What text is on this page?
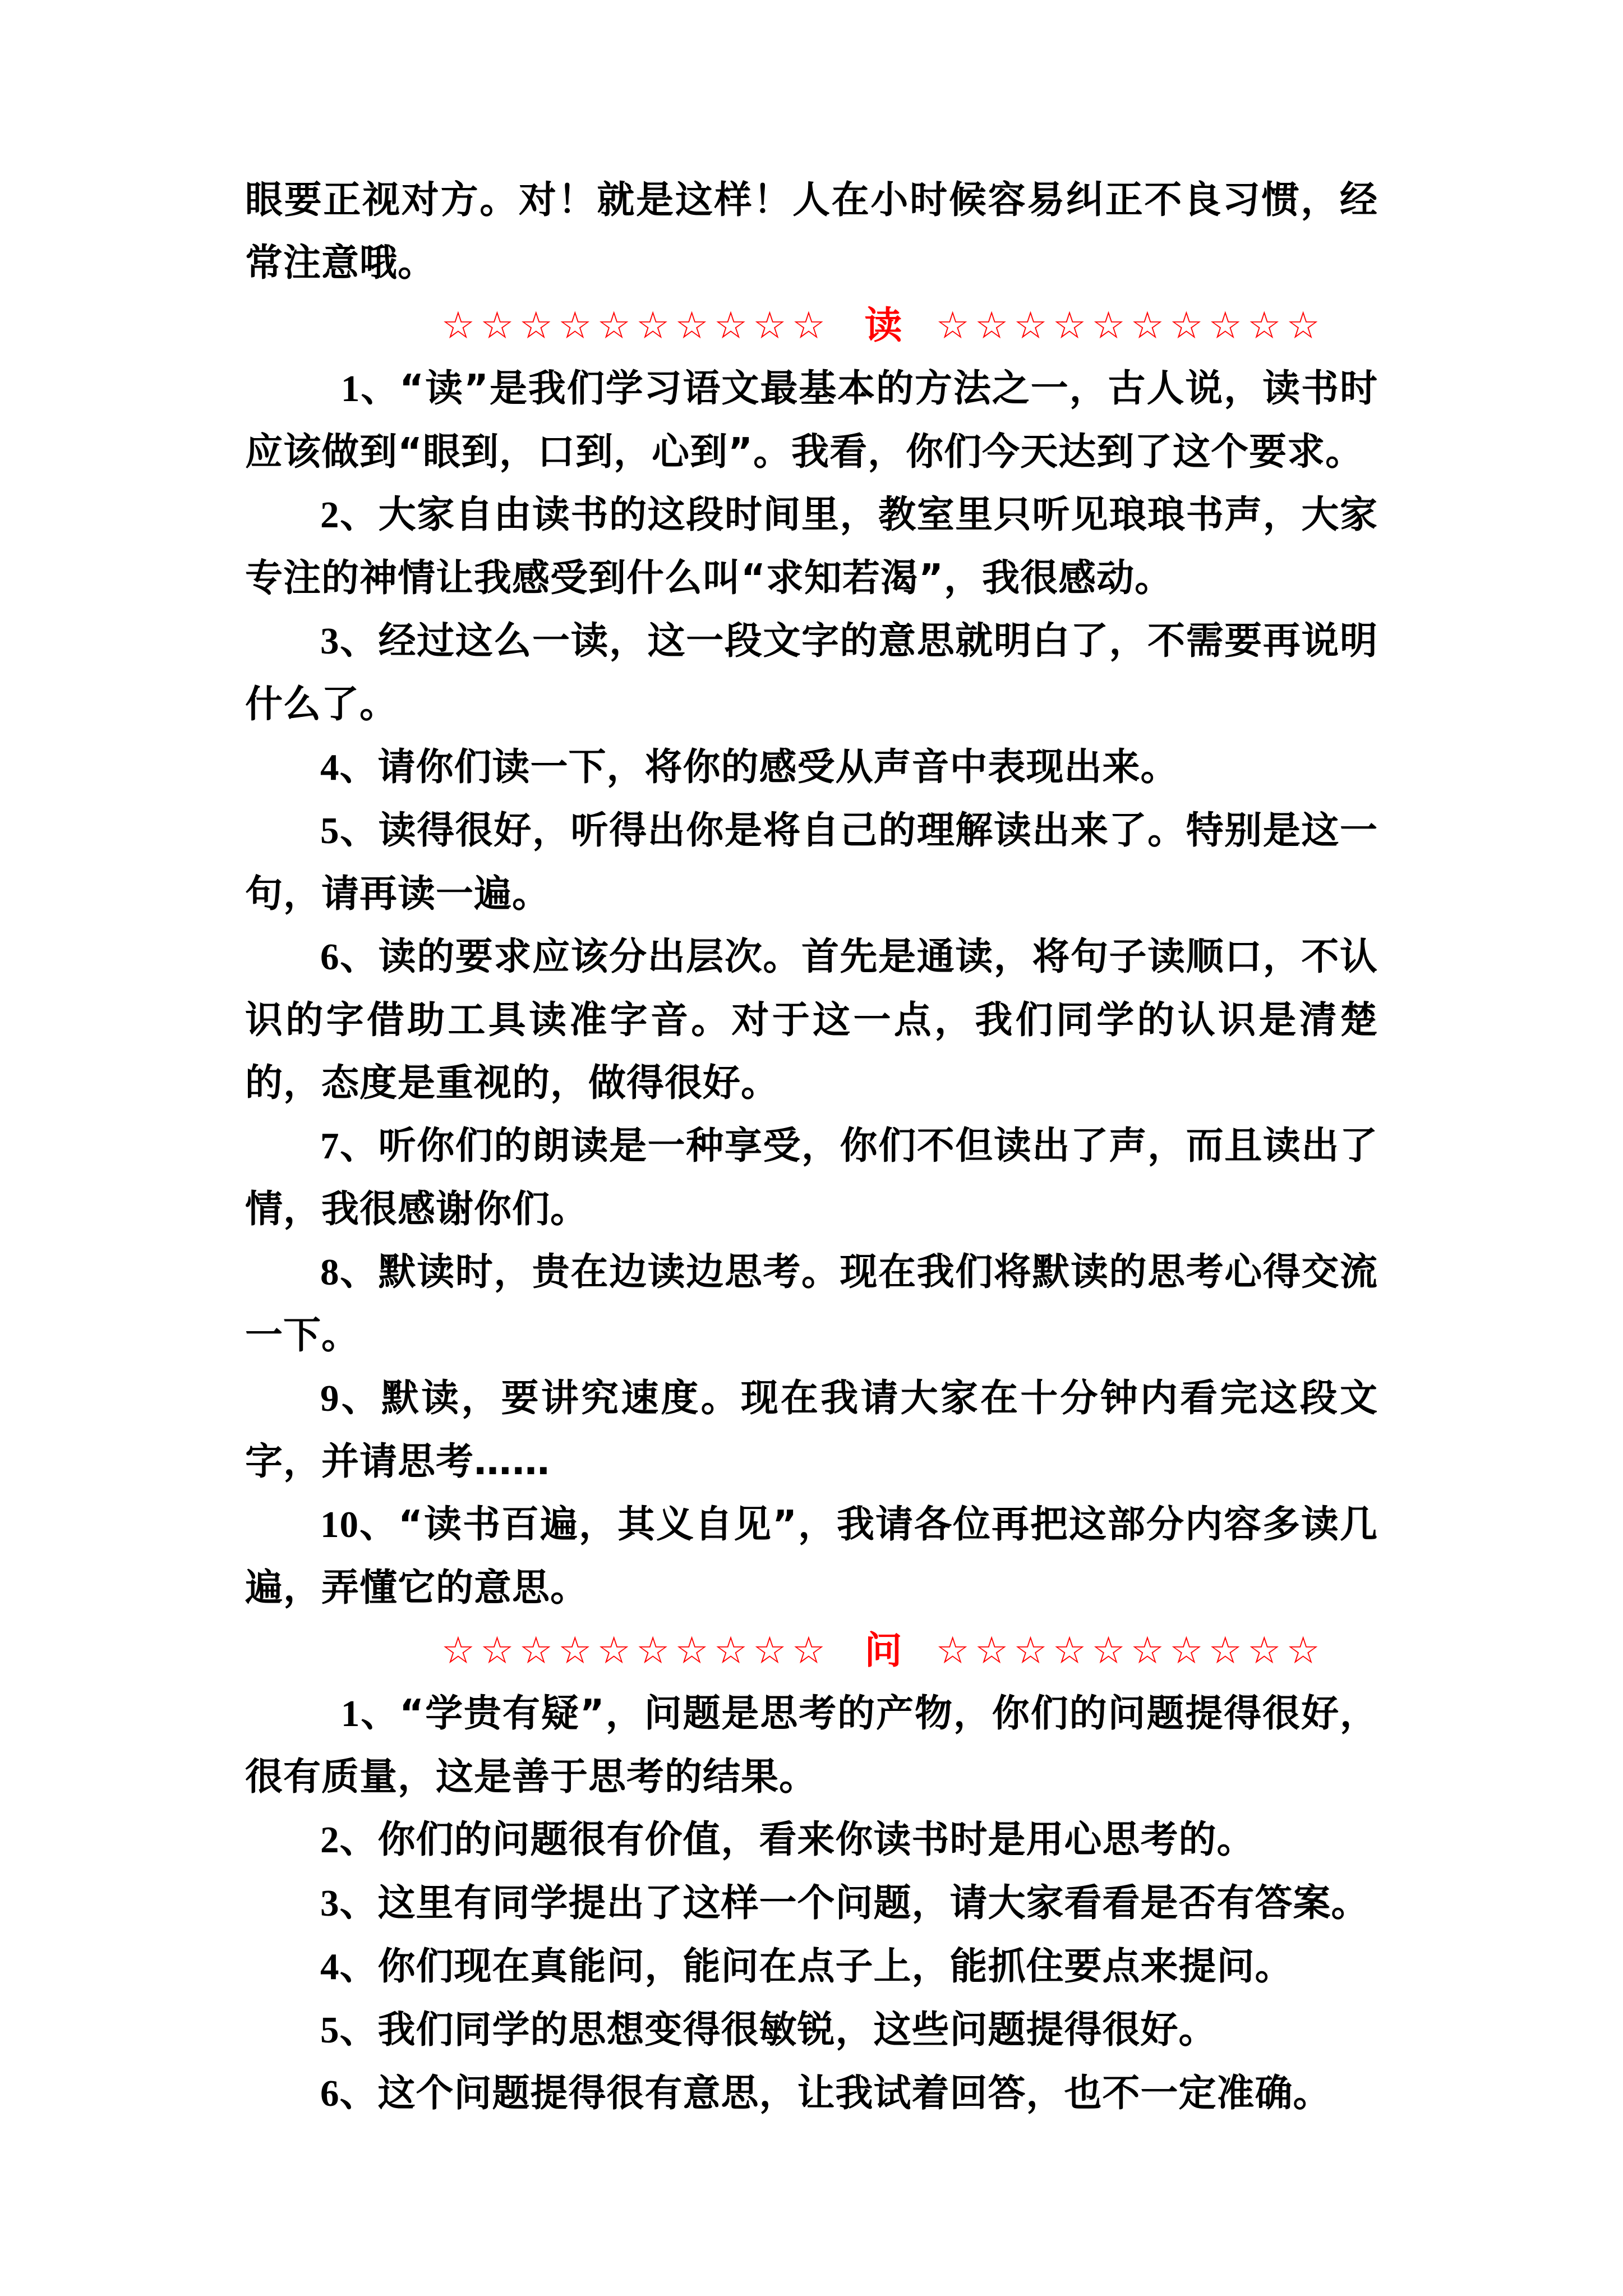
眼要正视对方。对！就是这样！人在小时候容易纠正不良习惯，经常注意哦。

☆☆☆☆☆☆☆☆☆☆ 读 ☆☆☆☆☆☆☆☆☆☆

1、“读”是我们学习语文最基本的方法之一，古人说，读书时应该做到“眼到，口到，心到”。我看，你们今天达到了这个要求。

2、大家自由读书的这段时间里，教室里只听见琅琅书声，大家专注的神情让我感受到什么叫“求知若渴”，我很感动。

3、经过这么一读，这一段文字的意思就明白了，不需要再说明什么了。

4、请你们读一下，将你的感受从声音中表现出来。

5、读得很好，听得出你是将自己的理解读出来了。特别是这一句，请再读一遍。

6、读的要求应该分出层次。首先是通读，将句子读顺口，不认识的字借助工具读准字音。对于这一点，我们同学的认识是清楚的，态度是重视的，做得很好。

7、听你们的朗读是一种享受，你们不但读出了声，而且读出了情，我很感谢你们。

8、默读时，贵在边读边思考。现在我们将默读的思考心得交流一下。

9、默读，要讲究速度。现在我请大家在十分钟内看完这段文字，并请思考……

10、“读书百遍，其义自见”，我请各位再把这部分内容多读几遍，弄懂它的意思。

☆☆☆☆☆☆☆☆☆☆ 问 ☆☆☆☆☆☆☆☆☆☆

1、“学贵有疑”，问题是思考的产物，你们的问题提得很好，很有质量，这是善于思考的结果。

2、你们的问题很有价值，看来你读书时是用心思考的。

3、这里有同学提出了这样一个问题，请大家看看是否有答案。

4、你们现在真能问，能问在点子上，能抓住要点来提问。

5、我们同学的思想变得很敏锐，这些问题提得很好。

6、这个问题提得很有意思，让我试着回答，也不一定准确。
